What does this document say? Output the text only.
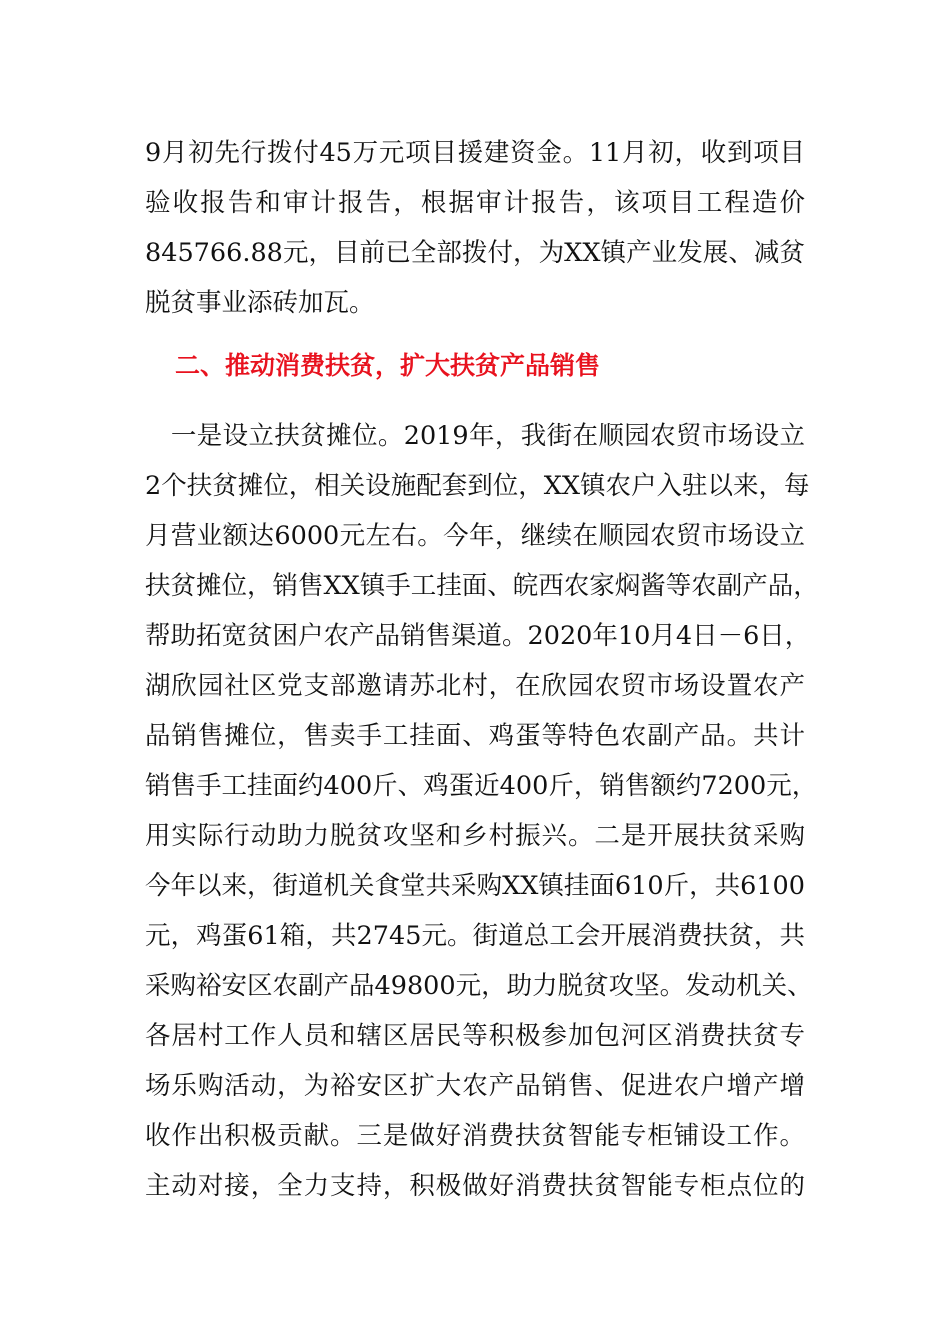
9月初先行拨付45万元项目援建资金。11月初，收到项目
验收报告和审计报告，根据审计报告，该项目工程造价
845766.88元，目前已全部拨付，为XX镇产业发展、减贫
脱贫事业添砖加瓦。
二、推动消费扶贫，扩大扶贫产品销售
　一是设立扶贫摊位。2019年，我街在顺园农贸市场设立
2个扶贫摊位，相关设施配套到位，XX镇农户入驻以来，每
月营业额达6000元左右。今年，继续在顺园农贸市场设立
扶贫摊位，销售XX镇手工挂面、皖西农家焖酱等农副产品，
帮助拓宽贫困户农产品销售渠道。2020年10月4日－6日，
湖欣园社区党支部邀请苏北村，在欣园农贸市场设置农产
品销售摊位，售卖手工挂面、鸡蛋等特色农副产品。共计
销售手工挂面约400斤、鸡蛋近400斤，销售额约7200元，
用实际行动助力脱贫攻坚和乡村振兴。二是开展扶贫采购
今年以来，街道机关食堂共采购XX镇挂面610斤，共6100
元，鸡蛋61箱，共2745元。街道总工会开展消费扶贫，共
采购裕安区农副产品49800元，助力脱贫攻坚。发动机关、
各居村工作人员和辖区居民等积极参加包河区消费扶贫专
场乐购活动，为裕安区扩大农产品销售、促进农户增产增
收作出积极贡献。三是做好消费扶贫智能专柜铺设工作。
主动对接，全力支持，积极做好消费扶贫智能专柜点位的
